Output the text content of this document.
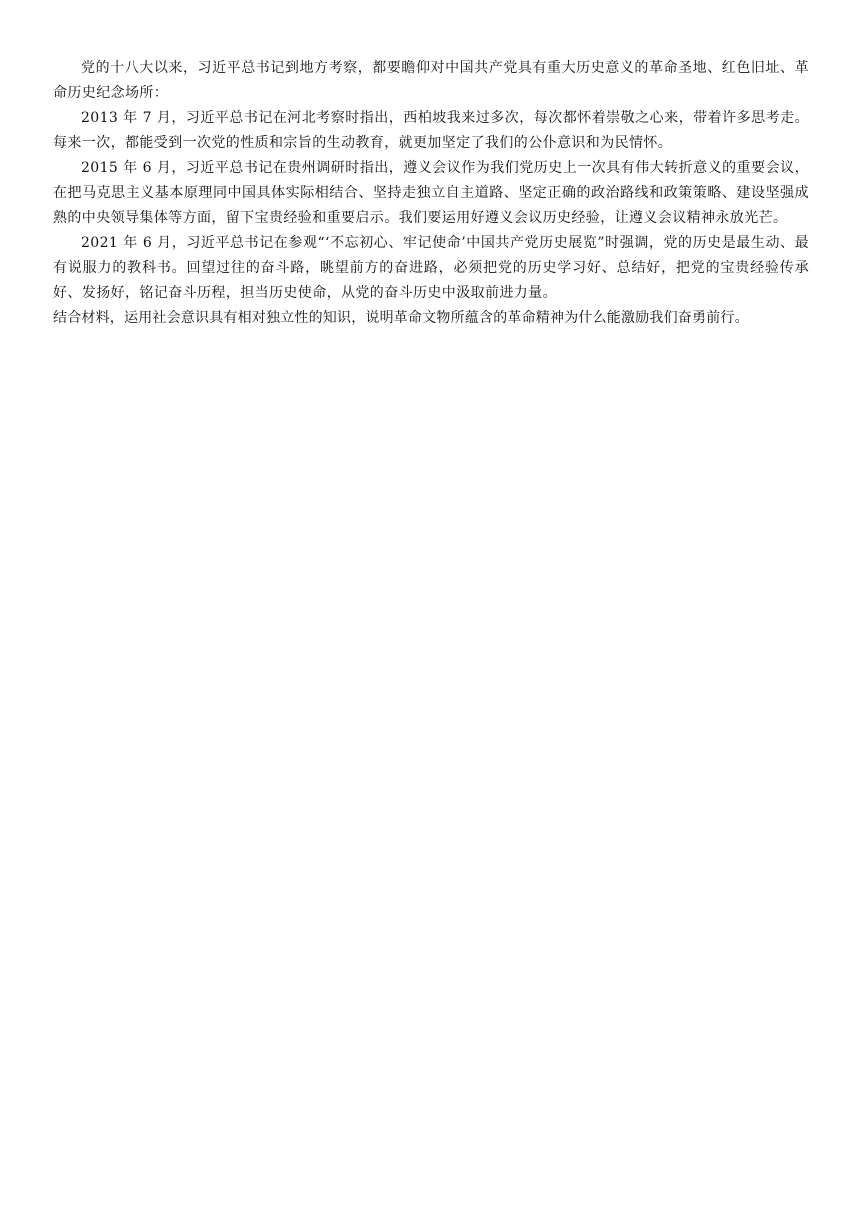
党的十八大以来，习近平总书记到地方考察，都要瞻仰对中国共产党具有重大历史意义的革命圣地、红色旧址、革命历史纪念场所：

2013 年 7 月，习近平总书记在河北考察时指出，西柏坡我来过多次，每次都怀着崇敬之心来，带着许多思考走。每来一次，都能受到一次党的性质和宗旨的生动教育，就更加坚定了我们的公仆意识和为民情怀。

2015 年 6 月，习近平总书记在贵州调研时指出，遵义会议作为我们党历史上一次具有伟大转折意义的重要会议，在把马克思主义基本原理同中国具体实际相结合、坚持走独立自主道路、坚定正确的政治路线和政策策略、建设坚强成熟的中央领导集体等方面，留下宝贵经验和重要启示。我们要运用好遵义会议历史经验，让遵义会议精神永放光芒。

2021 年 6 月，习近平总书记在参观“‘不忘初心、牢记使命’中国共产党历史展览”时强调，党的历史是最生动、最有说服力的教科书。回望过往的奋斗路，眺望前方的奋进路，必须把党的历史学习好、总结好，把党的宝贵经验传承好、发扬好，铭记奋斗历程，担当历史使命，从党的奋斗历史中汲取前进力量。

结合材料，运用社会意识具有相对独立性的知识，说明革命文物所蕴含的革命精神为什么能激励我们奋勇前行。
